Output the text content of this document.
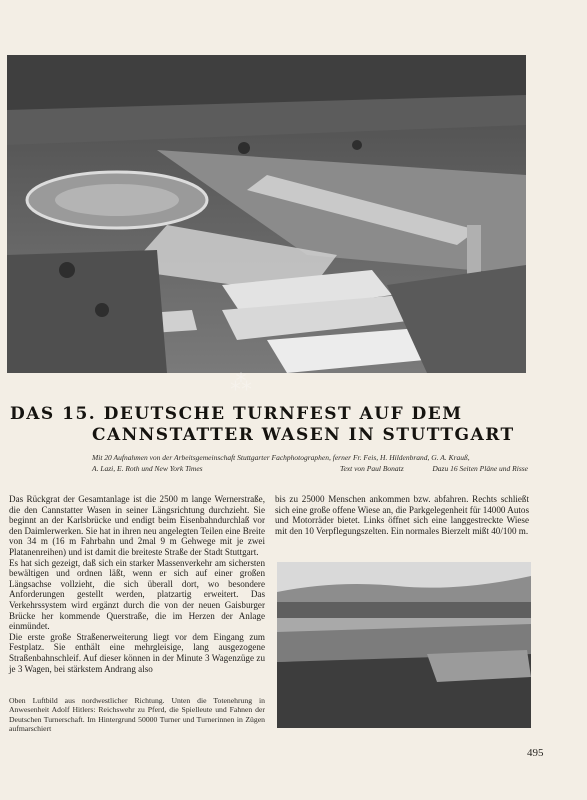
⁂
DAS 15. DEUTSCHE TURNFEST AUF DEM
CANNSTATTER WASEN IN STUTTGART
Mit 20 Aufnahmen von der Arbeitsgemeinschaft Stuttgarter Fachphotographen, ferner Fr. Feis, H. Hildenbrand, G. A. Krauß,
A. Lazi, E. Roth und New York Times	Text von Paul Bonatz	Dazu 16 Seiten Pläne und Risse

Das Rückgrat der Gesamtanlage ist die 2500 m lange Wernerstraße, die den Cannstatter Wasen in seiner Längsrichtung durchzieht. Sie beginnt an der Karlsbrücke und endigt beim Eisenbahndurchlaß vor den Daimlerwerken. Sie hat in ihren neu angelegten Teilen eine Breite von 34 m (16 m Fahrbahn und 2mal 9 m Gehwege mit je zwei Platanenreihen) und ist damit die breiteste Straße der Stadt Stuttgart.

Es hat sich gezeigt, daß sich ein starker Massenverkehr am sichersten bewältigen und ordnen läßt, wenn er sich auf einer großen Längsachse vollzieht, die sich überall dort, wo besondere Anforderungen gestellt werden, platzartig erweitert. Das Verkehrssystem wird ergänzt durch die von der neuen Gaisburger Brücke her kommende Querstraße, die im Herzen der Anlage einmündet.

Die erste große Straßenerweiterung liegt vor dem Eingang zum Festplatz. Sie enthält eine mehrgleisige, lang ausgezogene Straßenbahnschleif. Auf dieser können in der Minute 3 Wagenzüge zu je 3 Wagen, bei stärkstem Andrang also

bis zu 25000 Menschen ankommen bzw. abfahren. Rechts schließt sich eine große offene Wiese an, die Parkgelegenheit für 14000 Autos und Motorräder bietet. Links öffnet sich eine langgestreckte Wiese mit den 10 Verpflegungszelten. Ein normales Bierzelt mißt 40/100 m.

Oben Luftbild aus nordwestlicher Richtung. Unten die Totenehrung in Anwesenheit Adolf Hitlers: Reichswehr zu Pferd, die Spielleute und Fahnen der Deutschen Turnerschaft. Im Hintergrund 50000 Turner und Turnerinnen in Zügen aufmarschiert
495
